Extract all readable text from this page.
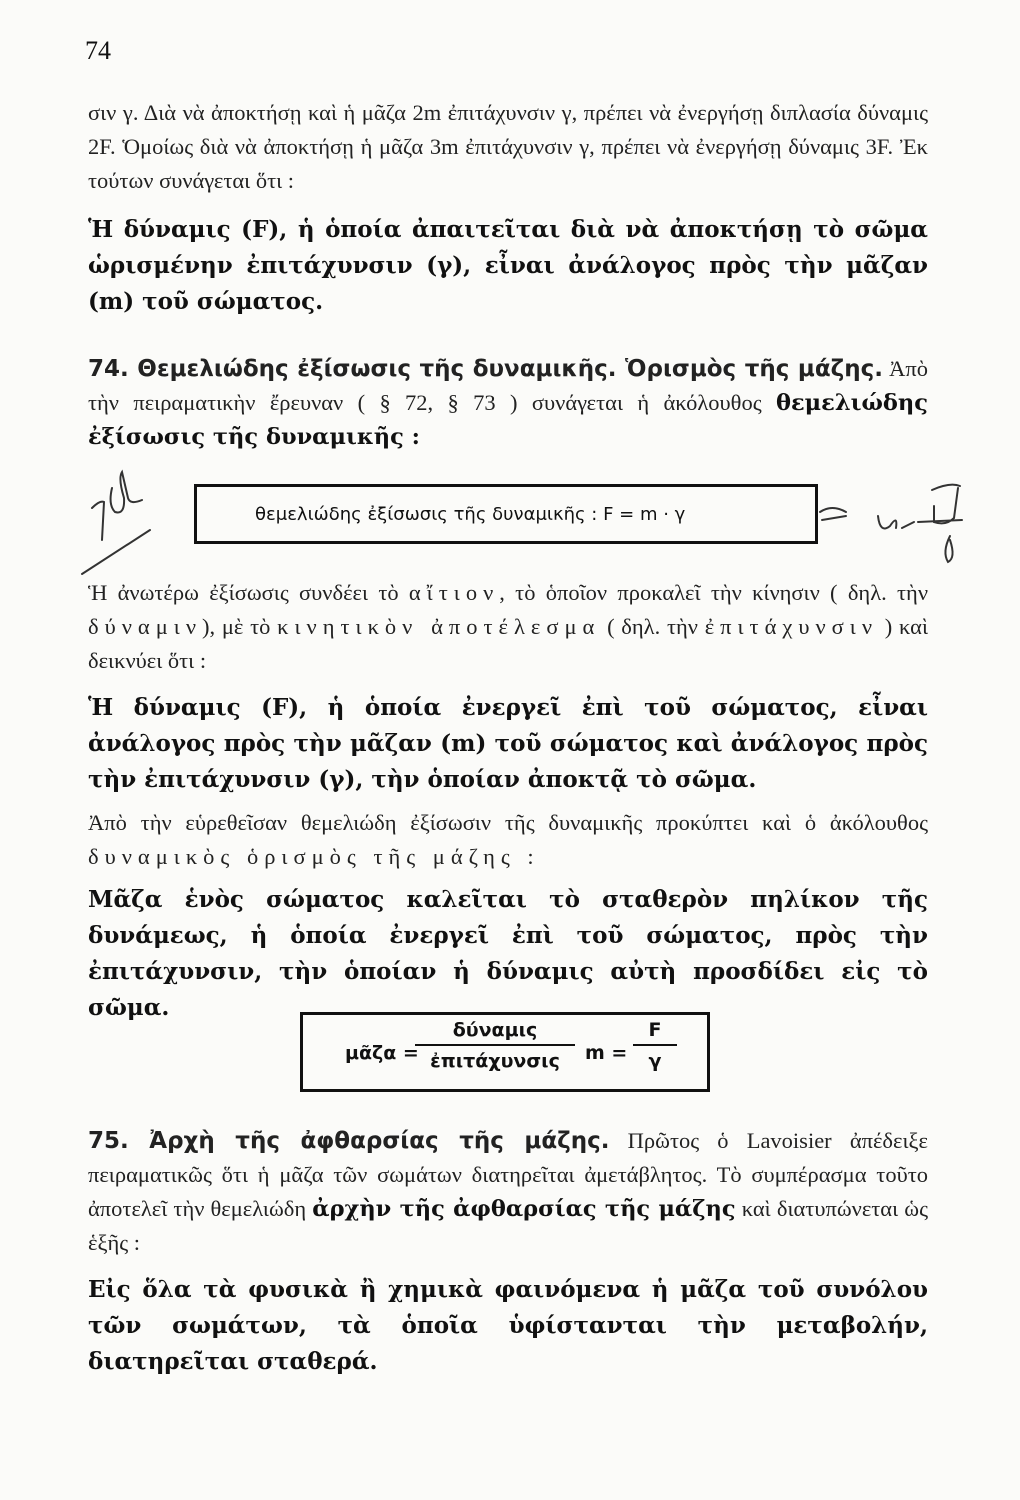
74
σιν γ. Διὰ νὰ ἀποκτήσῃ καὶ ἡ μᾶζα 2m ἐπιτάχυνσιν γ, πρέπει νὰ ἐνεργήσῃ διπλασία δύναμις 2F. Ὁμοίως διὰ νὰ ἀποκτήσῃ ἡ μᾶζα 3m ἐπιτάχυνσιν γ, πρέπει νὰ ἐνεργήσῃ δύναμις 3F. Ἐκ τούτων συνάγεται ὅτι :
Ἡ δύναμις (F), ἡ ὁποία ἀπαιτεῖται διὰ νὰ ἀποκτήσῃ τὸ σῶμα ὡρισμένην ἐπιτάχυνσιν (γ), εἶναι ἀνάλογος πρὸς τὴν μᾶζαν (m) τοῦ σώματος.
74. Θεμελιώδης ἐξίσωσις τῆς δυναμικῆς. Ὁρισμὸς τῆς μάζης. Ἀπὸ τὴν πειραματικὴν ἔρευναν ( § 72, § 73 ) συνάγεται ἡ ἀκόλουθος θεμελιώδης ἐξίσωσις τῆς δυναμικῆς :
θεμελιώδης ἐξίσωσις τῆς δυναμικῆς : F = m · γ
Ἡ ἀνωτέρω ἐξίσωσις συνδέει τὸ αἴτιον, τὸ ὁποῖον προκαλεῖ τὴν κίνησιν ( δηλ. τὴν δύναμιν), μὲ τὸ κινητικὸν ἀποτέλεσμα ( δηλ. τὴν ἐπιτάχυνσιν ) καὶ δεικνύει ὅτι :
Ἡ δύναμις (F), ἡ ὁποία ἐνεργεῖ ἐπὶ τοῦ σώματος, εἶναι ἀνάλογος πρὸς τὴν μᾶζαν (m) τοῦ σώματος καὶ ἀνάλογος πρὸς τὴν ἐπιτάχυνσιν (γ), τὴν ὁποίαν ἀποκτᾷ τὸ σῶμα.
Ἀπὸ τὴν εὑρεθεῖσαν θεμελιώδη ἐξίσωσιν τῆς δυναμικῆς προκύπτει καὶ ὁ ἀκόλουθος δυναμικὸς ὁρισμὸς τῆς μάζης :
Μᾶζα ἑνὸς σώματος καλεῖται τὸ σταθερὸν πηλίκον τῆς δυνάμεως, ἡ ὁποία ἐνεργεῖ ἐπὶ τοῦ σώματος, πρὸς τὴν ἐπιτάχυνσιν, τὴν ὁποίαν ἡ δύναμις αὐτὴ προσδίδει εἰς τὸ σῶμα.
μᾶζα =
δύναμις
ἐπιτάχυνσις	$m = \frac{F}{\gamma}$
75. Ἀρχὴ τῆς ἀφθαρσίας τῆς μάζης. Πρῶτος ὁ Lavoisier ἀπέδειξε πειραματικῶς ὅτι ἡ μᾶζα τῶν σωμάτων διατηρεῖται ἀμετάβλητος. Τὸ συμπέρασμα τοῦτο ἀποτελεῖ τὴν θεμελιώδη ἀρχὴν τῆς ἀφθαρσίας τῆς μάζης καὶ διατυπώνεται ὡς ἑξῆς :
Εἰς ὅλα τὰ φυσικὰ ἢ χημικὰ φαινόμενα ἡ μᾶζα τοῦ συνόλου τῶν σωμάτων, τὰ ὁποῖα ὑφίστανται τὴν μεταβολήν, διατηρεῖται σταθερά.
